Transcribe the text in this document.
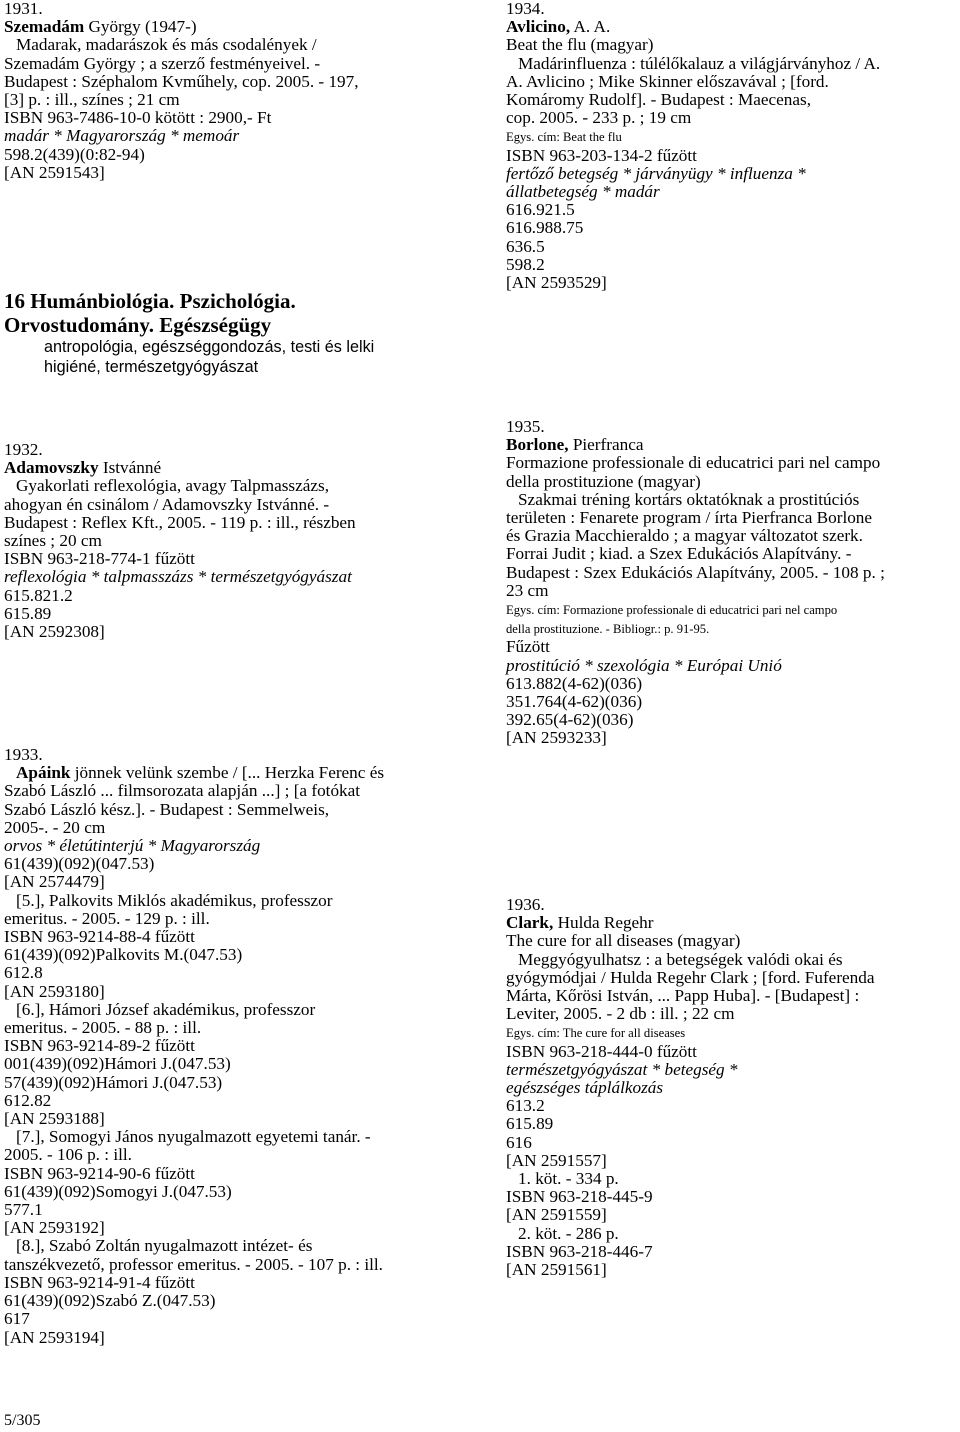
1931.
Szemadám György (1947-)
Madarak, madarászok és más csodalények /
Szemadám György ; a szerző festményeivel. -
Budapest : Széphalom Kvműhely, cop. 2005. - 197,
[3] p. : ill., színes ; 21 cm
ISBN 963-7486-10-0 kötött : 2900,- Ft
madár * Magyarország * memoár
598.2(439)(0:82-94)
[AN 2591543]
16 Humánbiológia. Pszichológia.
Orvostudomány. Egészségügy
antropológia, egészséggondozás, testi és lelki
higiéné, természetgyógyászat
1932.
Adamovszky Istvánné
Gyakorlati reflexológia, avagy Talpmasszázs,
ahogyan én csinálom / Adamovszky Istvánné. -
Budapest : Reflex Kft., 2005. - 119 p. : ill., részben
színes ; 20 cm
ISBN 963-218-774-1 fűzött
reflexológia * talpmasszázs * természetgyógyászat
615.821.2
615.89
[AN 2592308]
1933.
Apáink jönnek velünk szembe / [... Herzka Ferenc és
Szabó László ... filmsorozata alapján ...] ; [a fotókat
Szabó László kész.]. - Budapest : Semmelweis,
2005-. - 20 cm
orvos * életútinterjú * Magyarország
61(439)(092)(047.53)
[AN 2574479]
[5.], Palkovits Miklós akadémikus, professzor
emeritus. - 2005. - 129 p. : ill.
ISBN 963-9214-88-4 fűzött
61(439)(092)Palkovits M.(047.53)
612.8
[AN 2593180]
[6.], Hámori József akadémikus, professzor
emeritus. - 2005. - 88 p. : ill.
ISBN 963-9214-89-2 fűzött
001(439)(092)Hámori J.(047.53)
57(439)(092)Hámori J.(047.53)
612.82
[AN 2593188]
[7.], Somogyi János nyugalmazott egyetemi tanár. -
2005. - 106 p. : ill.
ISBN 963-9214-90-6 fűzött
61(439)(092)Somogyi J.(047.53)
577.1
[AN 2593192]
[8.], Szabó Zoltán nyugalmazott intézet- és
tanszékvezető, professor emeritus. - 2005. - 107 p. : ill.
ISBN 963-9214-91-4 fűzött
61(439)(092)Szabó Z.(047.53)
617
[AN 2593194]
1934.
Avlicino, A. A.
Beat the flu (magyar)
Madárinfluenza : túlélőkalauz a világjárványhoz / A.
A. Avlicino ; Mike Skinner előszavával ; [ford.
Komáromy Rudolf]. - Budapest : Maecenas,
cop. 2005. - 233 p. ; 19 cm
Egys. cím: Beat the flu
ISBN 963-203-134-2 fűzött
fertőző betegség * járványügy * influenza *
állatbetegség * madár
616.921.5
616.988.75
636.5
598.2
[AN 2593529]
1935.
Borlone, Pierfranca
Formazione professionale di educatrici pari nel campo
della prostituzione (magyar)
Szakmai tréning kortárs oktatóknak a prostitúciós
területen : Fenarete program / írta Pierfranca Borlone
és Grazia Macchieraldo ; a magyar változatot szerk.
Forrai Judit ; kiad. a Szex Edukációs Alapítvány. -
Budapest : Szex Edukációs Alapítvány, 2005. - 108 p. ;
23 cm
Egys. cím: Formazione professionale di educatrici pari nel campo
della prostituzione. - Bibliogr.: p. 91-95.
Fűzött
prostitúció * szexológia * Európai Unió
613.882(4-62)(036)
351.764(4-62)(036)
392.65(4-62)(036)
[AN 2593233]
1936.
Clark, Hulda Regehr
The cure for all diseases (magyar)
Meggyógyulhatsz : a betegségek valódi okai és
gyógymódjai / Hulda Regehr Clark ; [ford. Fuferenda
Márta, Kőrösi István, ... Papp Huba]. - [Budapest] :
Leviter, 2005. - 2 db : ill. ; 22 cm
Egys. cím: The cure for all diseases
ISBN 963-218-444-0 fűzött
természetgyógyászat * betegség *
egészséges táplálkozás
613.2
615.89
616
[AN 2591557]
1. köt. - 334 p.
ISBN 963-218-445-9
[AN 2591559]
2. köt. - 286 p.
ISBN 963-218-446-7
[AN 2591561]
5/305
